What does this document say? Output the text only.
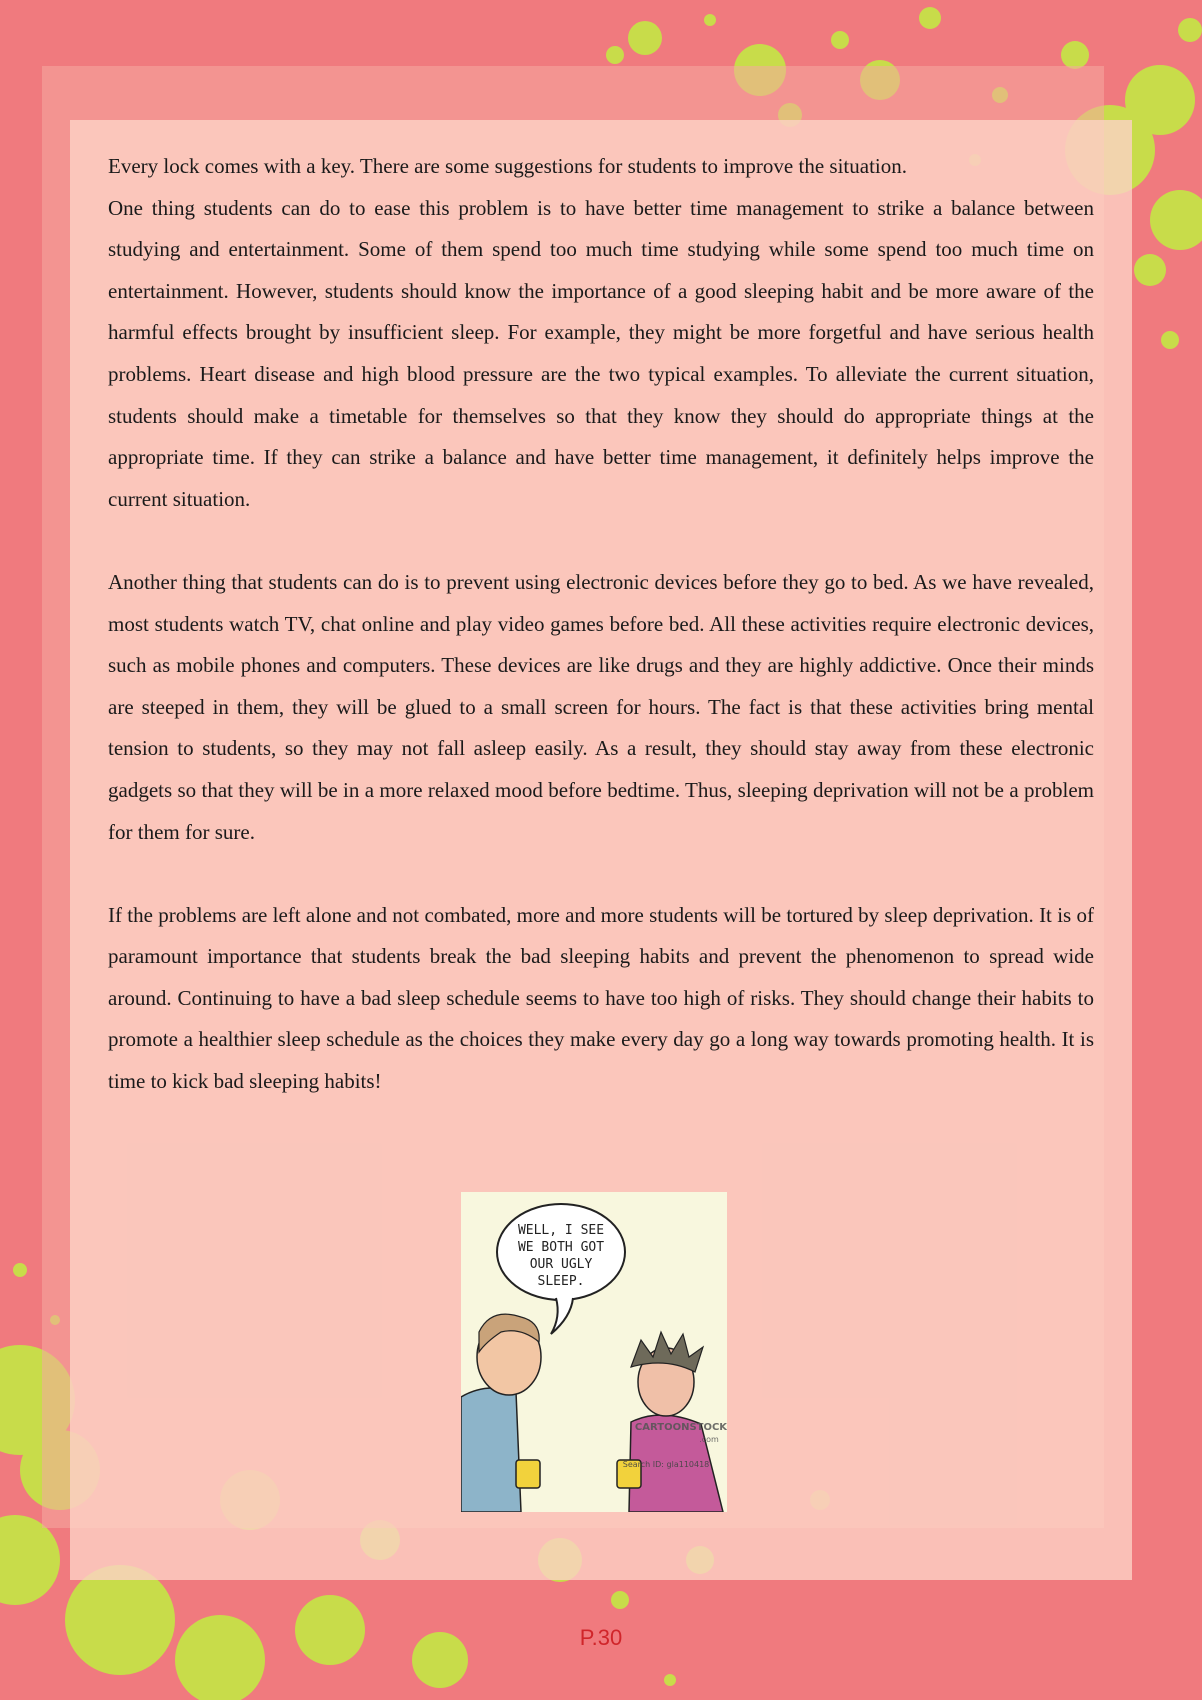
Every lock comes with a key. There are some suggestions for students to improve the situation.

One thing students can do to ease this problem is to have better time management to strike a balance between studying and entertainment. Some of them spend too much time studying while some spend too much time on entertainment. However, students should know the importance of a good sleeping habit and be more aware of the harmful effects brought by insufficient sleep. For example, they might be more forgetful and have serious health problems. Heart disease and high blood pressure are the two typical examples. To alleviate the current situation, students should make a timetable for themselves so that they know they should do appropriate things at the appropriate time. If they can strike a balance and have better time management, it definitely helps improve the current situation.

Another thing that students can do is to prevent using electronic devices before they go to bed. As we have revealed, most students watch TV, chat online and play video games before bed. All these activities require electronic devices, such as mobile phones and computers. These devices are like drugs and they are highly addictive. Once their minds are steeped in them, they will be glued to a small screen for hours. The fact is that these activities bring mental tension to students, so they may not fall asleep easily. As a result, they should stay away from these electronic gadgets so that they will be in a more relaxed mood before bedtime. Thus, sleeping deprivation will not be a problem for them for sure.

If the problems are left alone and not combated, more and more students will be tortured by sleep deprivation. It is of paramount importance that students break the bad sleeping habits and prevent the phenomenon to spread wide around. Continuing to have a bad sleep schedule seems to have too high of risks. They should change their habits to promote a healthier sleep schedule as the choices they make every day go a long way towards promoting health. It is time to kick bad sleeping habits!

WELL, I SEE
WE BOTH GOT
OUR UGLY
SLEEP.
CARTOONSTOCK
.com
Search ID: gla110418
P.30
